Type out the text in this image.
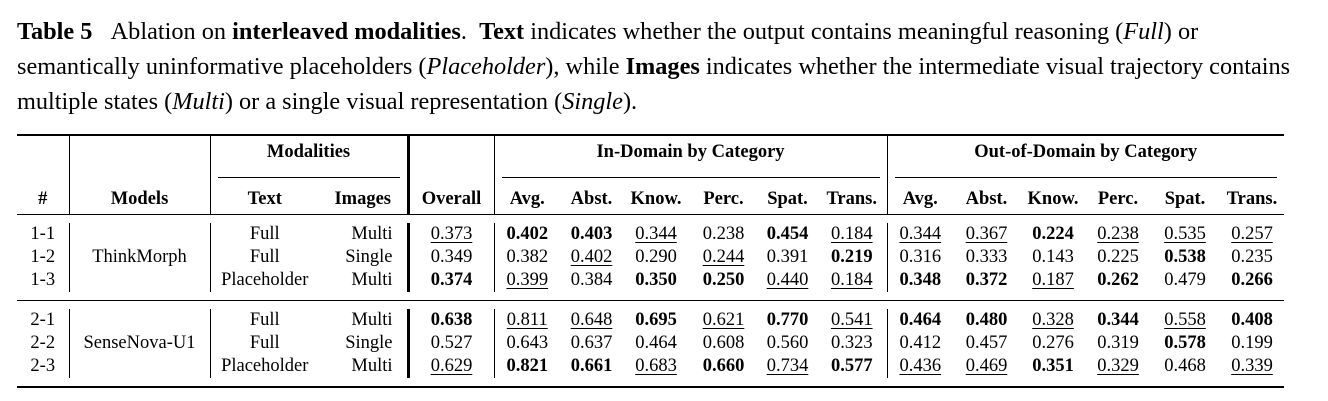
Table 5 Ablation on interleaved modalities.  Text indicates whether the output contains meaningful reasoning (Full) or semantically uninformative placeholders (Placeholder), while Images indicates whether the intermediate visual trajectory contains multiple states (Multi) or a single visual representation (Single).

		Modalities			In-Domain by Category						Out-of-Domain by Category					

#	Models	Text	Images	Overall	Avg.	Abst.	Know.	Perc.	Spat.	Trans.	Avg.	Abst.	Know.	Perc.	Spat.	Trans.

1-1	ThinkMorph	Full	Multi	0.373	0.402	0.403	0.344	0.238	0.454	0.184	0.344	0.367	0.224	0.238	0.535	0.257
1-2		Full	Single	0.349	0.382	0.402	0.290	0.244	0.391	0.219	0.316	0.333	0.143	0.225	0.538	0.235
1-3		Placeholder	Multi	0.374	0.399	0.384	0.350	0.250	0.440	0.184	0.348	0.372	0.187	0.262	0.479	0.266

2-1	SenseNova-U1	Full	Multi	0.638	0.811	0.648	0.695	0.621	0.770	0.541	0.464	0.480	0.328	0.344	0.558	0.408
2-2		Full	Single	0.527	0.643	0.637	0.464	0.608	0.560	0.323	0.412	0.457	0.276	0.319	0.578	0.199
2-3		Placeholder	Multi	0.629	0.821	0.661	0.683	0.660	0.734	0.577	0.436	0.469	0.351	0.329	0.468	0.339
